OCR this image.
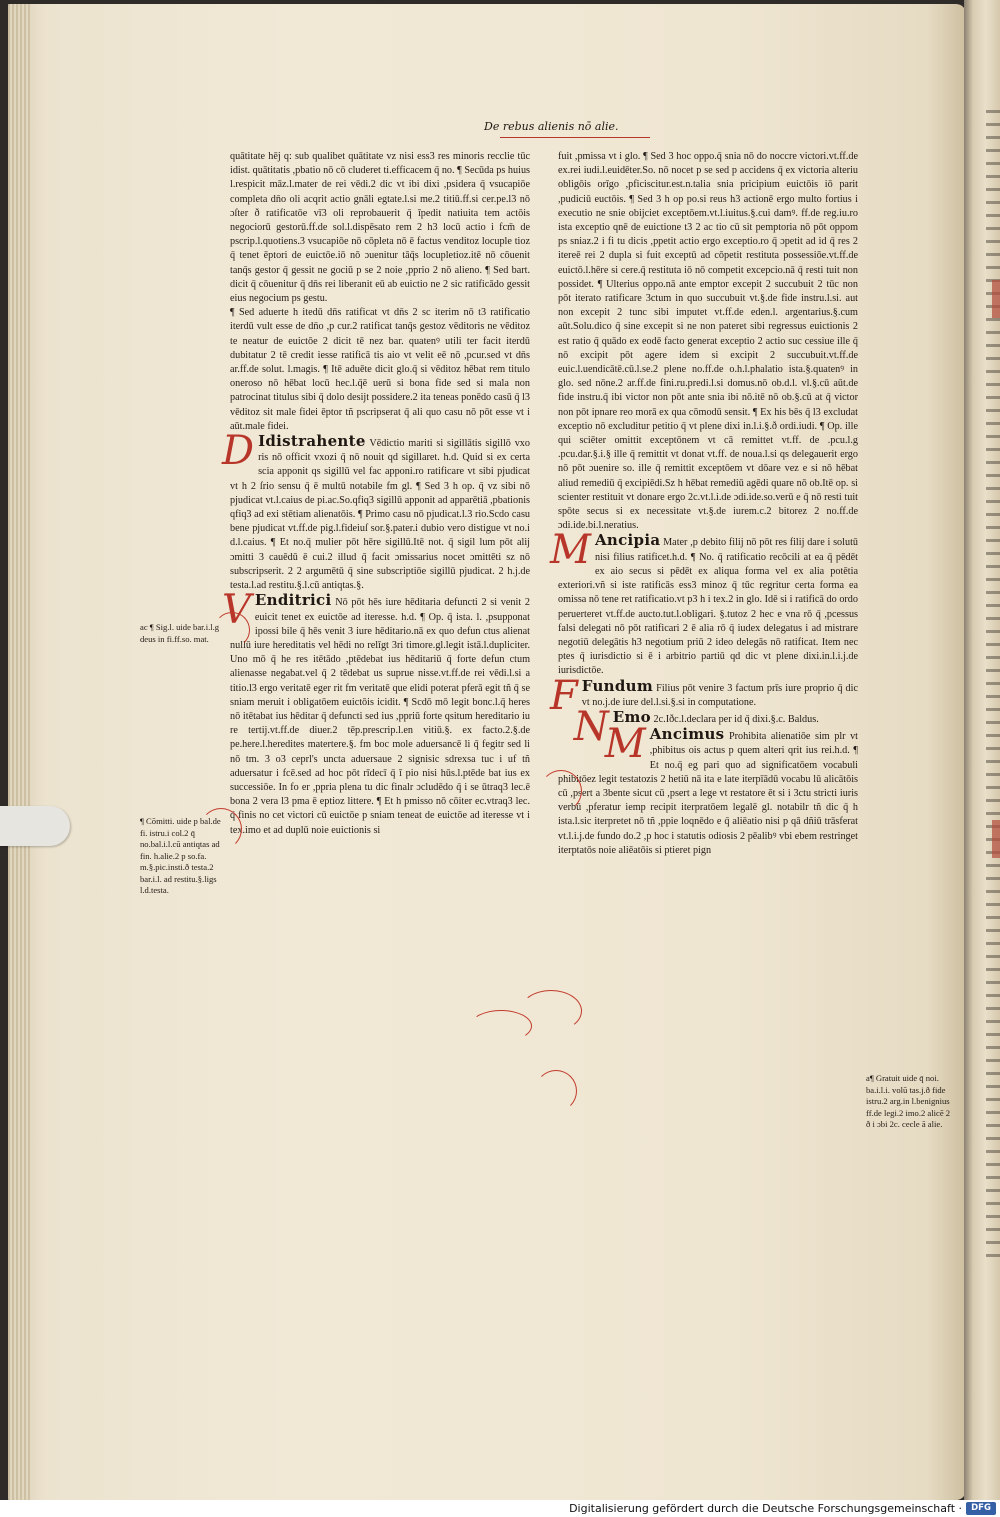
De rebus alienis nō alie.

quātitate hēj q: sub qualibet quātitate vz nisi ess3 res minoris recclie tūc idist. quātitatis ,pbatio nō cō cluderet ti.efficacem q̄ no. ¶ Secūda ps huius l.respicit māz.l.mater de rei vēdi.2 dic vt ibi dixi ,psidera q̄ vsucapiōe completa dn̄o oli acqrit actio gnāli egtate.l.si me.2 titiū.ff.si cer.pe.l3 nō ɔſter ð ratificatōe vī3 oli reprobauerit q̄ īpedit natiuita tem actōis negociorū gestorū.ff.de sol.l.dispēsato rem 2 h3 locū actio i fcm̄ de pscrip.l.quotiens.3 vsucapiōe nō cōpleta nō ē factus venditoz locuple tioz q̄ tenet ēptori de euictōe.iō nō ɔuenitur tāq̄s locupletioz.itē nō cōuenit tanq̄s gestor q̄ gessit ne gociū p se 2 noie ,pprio 2 nō alieno. ¶ Sed bart. dicit q̄ cōuenitur q̄ dn̄s rei liberanit eū ab euictio ne 2 sic ratificādo gessit eius negocium ps gestu.

¶ Sed aduerte h itedū dn̄s ratificat vt dn̄s 2 sc iterim nō t3 ratificatio iterdū vult esse de dn̄o ,p cur.2 ratificat tanq̄s gestoz vēditoris ne vēditoz te neatur de euictōe 2 dicit tē nez bar. quatenꝰ utili ter facit iterdū dubitatur 2 tē credit iesse ratificā tis aio vt velit eē nō ,pcur.sed vt dn̄s ar.ff.de solut. l.magis. ¶ Itē aduēte dicit glo.q̄ si vēditoz hēbat rem titulo oneroso nō hēbat locū hec.l.q̄ē uerū si bona fide sed si mala non patrocinat titulus sibi q̄ dolo desijt possidere.2 ita teneas ponēdo casū q̄ l3 vēditoz sit male fidei ēptor tñ pscripserat q̄ ali quo casu nō pōt esse vt i aūt.male fidei.

D Idistrahente Vēdictio mariti si sigillātis sigillō vxo ris nō officit vxozi q̄ nō nouit qd sigillaret. h.d. Quid si ex certa scia apponit qs sigillū vel fac apponi.ro ratificare vt sibi pjudicat vt h 2 ſrio sensu q̄ ē multū notabile fm gl. ¶ Sed 3 h op. q̄ vz sibi nō pjudicat vt.l.caius de pi.ac.So.qfiq3 sigillū apponit ad apparētiā ,pbationis qfiq3 ad exi stētiam alienatōis. ¶ Primo casu nō pjudicat.l.3 rio.Scdo casu bene pjudicat vt.ff.de pig.l.fideiuſ sor.§.pater.i dubio vero distigue vt no.i d.l.caius. ¶ Et no.q̄ mulier pōt hēre sigillū.Itē not. q̄ sigil lum pōt alij ɔmitti 3 cauēdū ē cui.2 illud q̄ facit ɔmissarius nocet ɔmittēti sz nō subscripserit. 2 2 argumētū q̄ sine subscriptiōe sigillū pjudicat. 2 h.j.de testa.l.ad restitu.§.l.cū antiqtas.§.

V Enditrici Nō pōt hēs iure hēditaria defuncti 2 si venit 2 euicit tenet ex euictōe ad iteresse. h.d. ¶ Op. q̄ ista. l. ,psupponat ipossi bile q̄ hēs venit 3 iure hēditario.nā ex quo defun ctus alienat nullū iure hereditatis vel hēdi no relīgt 3ri timore.gl.legit istā.l.dupliciter. Uno mō q̄ he res itētādo ,ptēdebat ius hēditariū q̄ forte defun ctum alienasse negabat.vel q̄ 2 tēdebat us suprue nisse.vt.ff.de rei vēdi.l.si a titio.l3 ergo veritatē eger rit fm veritatē que elidi poterat pferā egit tñ q̄ se sniam meruit i obligatōem euictōis icidit. ¶ Scdō mō legit bonc.l.q̄ heres nō itētabat ius hēditar q̄ defuncti sed ius ,ppriū forte qsitum hereditario iu re tertij.vt.ff.de diuer.2 tēp.prescrip.l.en vitiū.§. ex facto.2.§.de pe.here.l.heredites matertere.§. fm boc mole aduersancē li q̄ fegitr sed li nō tm. 3 o3 ceprl's uncta aduersaue 2 signisic sdrexsa tuc i uf tñ aduersatur i fcē.sed ad hoc pōt rīdecī q̄ ī pio nisi hūs.l.ptēde bat ius ex successiōe. In fo er ,ppria plena tu dic finalr ɔcludēdo q̄ i se ūtraq3 lec.ē bona 2 vera l3 pma ē eptioz littere. ¶ Et h pmisso nō cōiter ec.vtraq3 lec. q̄ finis no cet victori cū euictōe p sniam teneat de euictōe ad iteresse vt i tex.imo et ad duplū noie euictionis si

fuit ,pmissa vt i glo. ¶ Sed 3 hoc oppo.q̄ snia nō do noccre victori.vt.ff.de ex.rei iudi.l.euidēter.So. nō nocet p se sed p accidens q̄ ex victoria alteriu obligōis orīgo ,pficiscitur.est.n.talia snia pricipium euictōis iō parit ,pudiciū euctōis. ¶ Sed 3 h op po.si reus h3 actionē ergo multo fortius i executio ne snie obijciet exceptōem.vt.l.iuitus.§.cui damꝰ. ff.de reg.iu.ro ista exceptio qnē de euictione t3 2 ac tio cū sit pemptoria nō pōt oppom ps sniaz.2 i fi tu dicis ,ppetit actio ergo exceptio.ro q̄ ɔpetit ad id q̄ res 2 itereē rei 2 dupla si fuit exceptū ad cōpetit restituta possessiōe.vt.ff.de euictō.l.hēre si cere.q̄ restituta iō nō competit excepcio.nā q̄ resti tuit non possidet. ¶ Ulterius oppo.nā ante emptor excepit 2 succubuit 2 tūc non pōt iterato ratificare 3ctum in quo succubuit vt.§.de fide instru.l.si. aut non excepit 2 tunc sibi imputet vt.ff.de eden.l. argentarius.§.cum aūt.Solu.dico q̄ sine excepit si ne non pateret sibi regressus euictionis 2 est ratio q̄ quādo ex eodē facto generat exceptio 2 actio suc cessiue ille q̄ nō excipit pōt agere idem si excipit 2 succubuit.vt.ff.de euic.l.uendicātē.cū.l.se.2 plene no.ff.de o.h.l.phalatio ista.§.quatenꝰ in glo. sed nōne.2 ar.ff.de fini.ru.predi.l.si domus.nō ob.d.l. vl.§.cū aūt.de fide instru.q̄ ibi victor non pōt ante snia ibi nō.itē nō ob.§.cū at q̄ victor non pōt ipnare reo morā ex qua cōmodū sensit. ¶ Ex his bēs q̄ l3 excludat exceptio nō excluditur petitio q̄ vt plene dixi in.l.i.§.ð ordi.iudi. ¶ Op. ille qui sciēter omittit exceptōnem vt cā remittet vt.ff. de .pcu.l.g .pcu.dar.§.i.§ ille q̄ remittit vt donat vt.ff. de noua.l.si qs delegauerit ergo nō pōt ɔuenire so. ille q̄ remittit exceptōem vt dōare vez e si nō hēbat aliud remediū q̄ excipiēdi.Sz h hēbat remediū agēdi quare nō ob.Itē op. si scienter restituit vt donare ergo 2c.vt.l.i.de ɔdi.ide.so.verū e q̄ nō resti tuit spōte secus si ex necessitate vt.§.de iurem.c.2 bitorez 2 no.ff.de ɔdi.ide.bi.l.neratius.

M Ancipia Mater ,p debito filij nō pōt res filij dare i solutū nisi filius ratificet.h.d. ¶ No. q̄ ratificatio recōcili at ea q̄ pēdēt ex aio secus si pēdēt ex aliqua forma vel ex alia potētia exteriori.vñ si iste ratificās ess3 minoz q̄ tūc regritur certa forma ea omissa nō tene ret ratificatio.vt p3 h i tex.2 in glo. Idē si i ratificā do ordo peruerteret vt.ff.de aucto.tut.l.obligari. §.tutoz 2 hec e vna rō q̄ ,pcessus falsi delegati nō pōt ratificari 2 ē alia rō q̄ iudex delegatus i ad mistrare negotiū delegātis h3 negotium priū 2 ideo delegās nō ratificat. Item nec ptes q̄ iurisdictio si ē i arbitrio partiū qd dic vt plene dixi.in.l.i.j.de iurisdictōe.

F Fundum Filius pōt venire 3 factum prīs iure proprio q̄ dic vt no.j.de iure del.l.si.§.si in computatione.

N Emo 2c.Iðc.l.declara per id q̄ dixi.§.c. Baldus.

M Ancimus Prohibita alienatiōe sim plr vt ,phibitus ois actus p quem alteri qrit ius rei.h.d. ¶ Et no.q̄ eg pari quo ad significatōem vocabuli phibitōez legit testatozis 2 hetiū nā ita e late iterpīādū vocabu lū alicātōis cū ,psert a 3bente sicut cū ,psert a lege vt restatore ēt si i 3ctu stricti iuris verbū ,pferatur iemp recipit iterpratōem legalē gl. notabilr tñ dic q̄ h ista.l.sic iterpretet nō tñ ,ppie loqnēdo e q̄ aliēatio nisi p qā dñiū trāsferat vt.l.i.j.de fundo do.2 ,p hoc i statutis odiosis 2 pēalibꝰ vbi ebem restringet iterptatōs noie aliēatōis si ptieret pign

ac ¶ Sig.l. uide bar.i.l.g deus in fi.ff.so. mat.
¶ Cōmitti. uide p bal.de fi. istru.i col.2 q̄ no.bal.i.l.cū antiqtas ad fin. h.alie.2 p so.fa. m.§.pic.insti.ð testa.2 bar.i.l. ad restitu.§.ligs l.d.testa.
a¶ Gratuit uide q̄ noi. ba.i.l.i. volū tas.j.ð fide istru.2 arg.in l.benignius ff.de legi.2 imo.2 alicē 2 ð i ɔbi 2c. cecle ā alie.
Digitalisierung gefördert durch die Deutsche Forschungsgemeinschaft ·	DFG
